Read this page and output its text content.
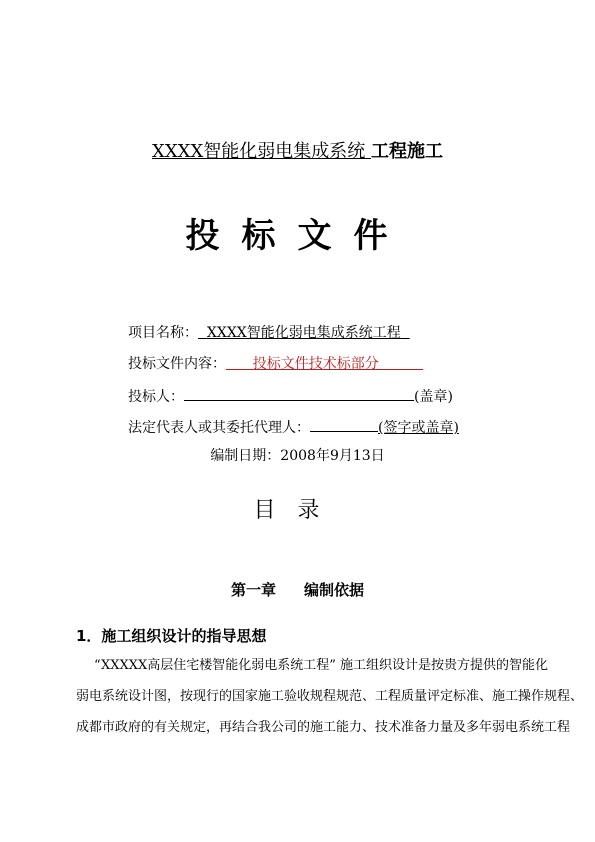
XXXX智能化弱电集成系统 工程施工
投标文件
项目名称： XXXX智能化弱电集成系统工程
投标文件内容： 投标文件技术标部分
投标人：	(盖章)
法定代表人或其委托代理人：	(签字或盖章)
编制日期：2008年9月13日
目录
第一章 编制依据
1．施工组织设计的指导思想
“XXXXX高层住宅楼智能化弱电系统工程” 施工组织设计是按贵方提供的智能化
弱电系统设计图，按现行的国家施工验收规程规范、工程质量评定标准、施工操作规程、
成都市政府的有关规定，再结合我公司的施工能力、技术准备力量及多年弱电系统工程
